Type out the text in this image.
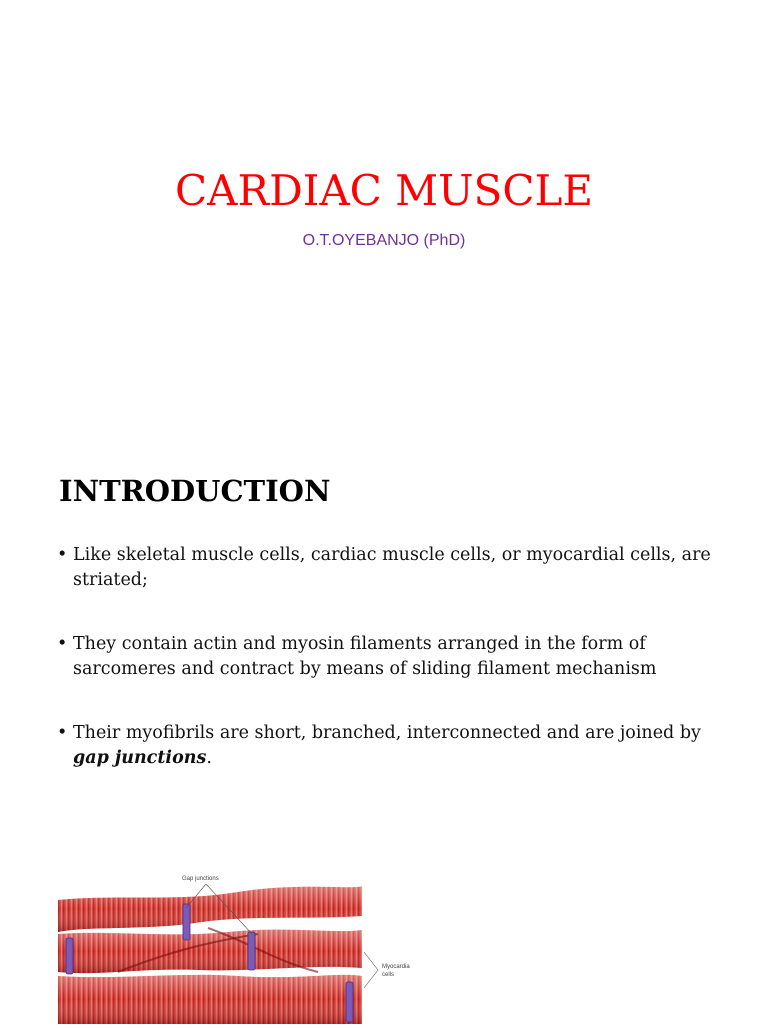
CARDIAC MUSCLE
O.T.OYEBANJO (PhD)
INTRODUCTION
• Like skeletal muscle cells, cardiac muscle cells, or myocardial cells, are striated;
• They contain actin and myosin filaments arranged in the form of sarcomeres and contract by means of sliding filament mechanism
• Their myofibrils are short, branched, interconnected and are joined by gap junctions.
Gap junctions
Myocardia
cells
